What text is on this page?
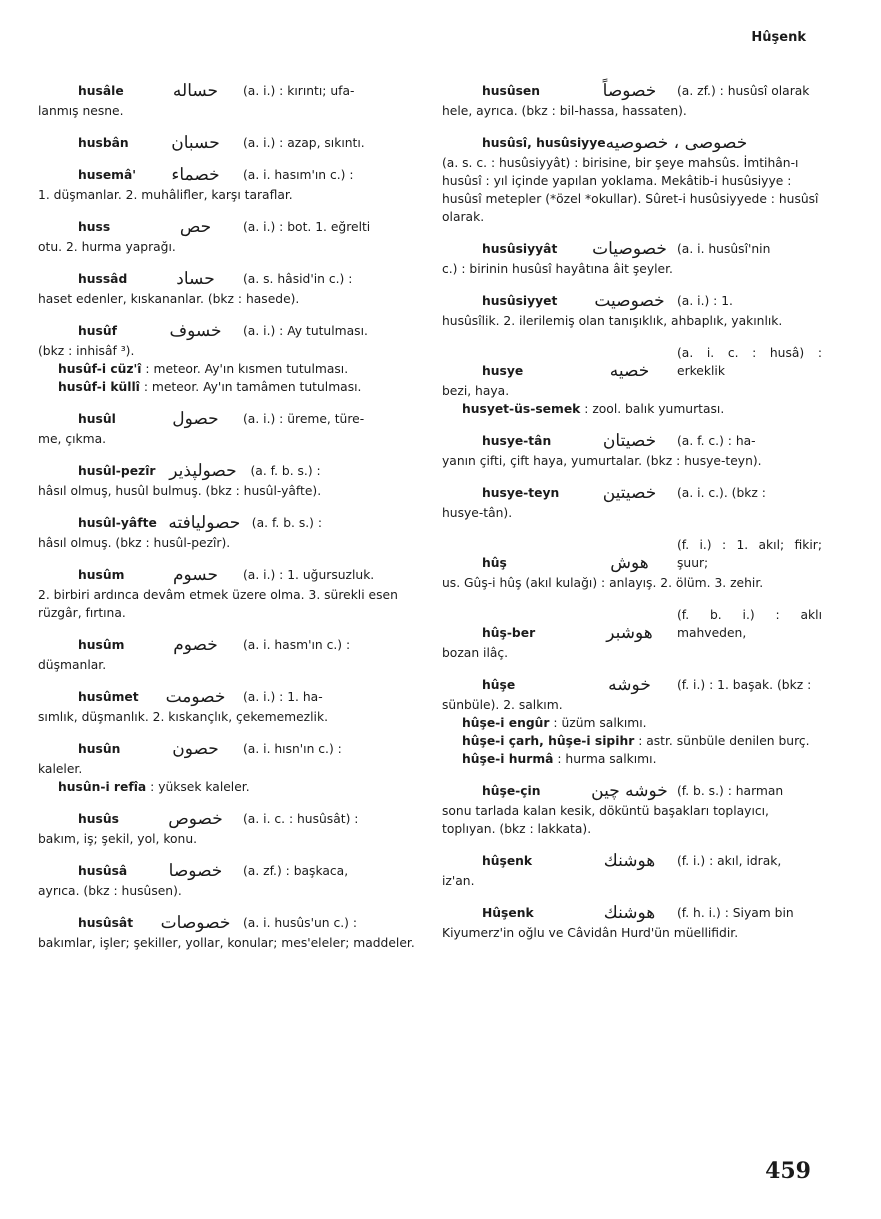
Hûşenk
husâle	حساله	(a. i.) : kırıntı; ufa-
lanmış nesne.
husbân	حسبان	(a. i.) : azap, sıkıntı.
husemâ'	خصماء	(a. i. hasım'ın c.) :
1. düşmanlar. 2. muhâlifler, karşı taraflar.
huss	حص	(a. i.) : bot. 1. eğrelti
otu. 2. hurma yaprağı.
hussâd	حساد	(a. s. hâsid'in c.) :
haset edenler, kıskananlar. (bkz : hasede).
husûf	خسوف	(a. i.) : Ay tutulması.
(bkz : inhisâf ³).
husûf-i cüz'î : meteor. Ay'ın kısmen tutulması.
husûf-i küllî : meteor. Ay'ın tamâmen tutulması.
husûl	حصول	(a. i.) : üreme, türe-
me, çıkma.
husûl-pezîr حصولپذیر	(a. f. b. s.) :
hâsıl olmuş, husûl bulmuş. (bkz : husûl-yâfte).
husûl-yâfte حصولیافته (a. f. b. s.) :
hâsıl olmuş. (bkz : husûl-pezîr).
husûm	حسوم	(a. i.) : 1. uğursuzluk.
2. birbiri ardınca devâm etmek üzere olma. 3. sürekli esen rüzgâr, fırtına.
husûm	خصوم	(a. i. hasm'ın c.) :
düşmanlar.
husûmet	خصومت	(a. i.) : 1. ha-
sımlık, düşmanlık. 2. kıskançlık, çekememezlik.
husûn	حصون	(a. i. hısn'ın c.) :
kaleler.
husûn-i refîa : yüksek kaleler.
husûs	خصوص	(a. i. c. : husûsât) :
bakım, iş; şekil, yol, konu.
husûsâ	خصوصا	(a. zf.) : başkaca,
ayrıca. (bkz : husûsen).
husûsât	خصوصات	(a. i. husûs'un c.) :
bakımlar, işler; şekiller, yollar, konular; mes'eleler; maddeler.
husûsen	خصوصاً	(a. zf.) : husûsî olarak
hele, ayrıca. (bkz : bil-hassa, hassaten).
husûsî, husûsiyye خصوصی ، خصوصیه
(a. s. c. : husûsiyyât) : birisine, bir şeye mahsûs. İmtihân-ı husûsî : yıl içinde yapılan yoklama. Mekâtib-i husûsiyye : husûsî metepler (*özel *okullar). Sûret-i husûsiyyede : husûsî olarak.
husûsiyyât	خصوصیات (a. i. husûsî'nin
c.) : birinin husûsî hayâtına âit şeyler.
husûsiyyet	خصوصیت	(a. i.) : 1.
husûsîlik. 2. ilerilemiş olan tanışıklık, ahbaplık, yakınlık.
husye	خصیه
(a. i. c. : husâ) : erkeklik
bezi, haya.
husyet-üs-semek : zool. balık yumurtası.
husye-tân	خصیتان	(a. f. c.) : ha-
yanın çifti, çift haya, yumurtalar. (bkz : husye-teyn).
husye-teyn	خصیتین	(a. i. c.). (bkz :
husye-tân).
hûş	هوش
(f. i.) : 1. akıl; fikir; şuur;
us. Gûş-i hûş (akıl kulağı) : anlayış. 2. ölüm. 3. zehir.
hûş-ber	هوشبر
(f. b. i.) : aklı mahveden,
bozan ilâç.
hûşe	خوشه	(f. i.) : 1. başak. (bkz :
sünbüle). 2. salkım.
hûşe-i engûr : üzüm salkımı.
hûşe-i çarh, hûşe-i sipihr : astr. sünbüle denilen burç.
hûşe-i hurmâ : hurma salkımı.
hûşe-çin	خوشه چین (f. b. s.) : harman
sonu tarlada kalan kesik, döküntü başakları toplayıcı, toplıyan. (bkz : lakkata).
hûşenk	هوشنك	(f. i.) : akıl, idrak,
iz'an.
Hûşenk	هوشنك	(f. h. i.) : Siyam bin
Kiyumerz'in oğlu ve Câvidân Hurd'ün müellifidir.
459
